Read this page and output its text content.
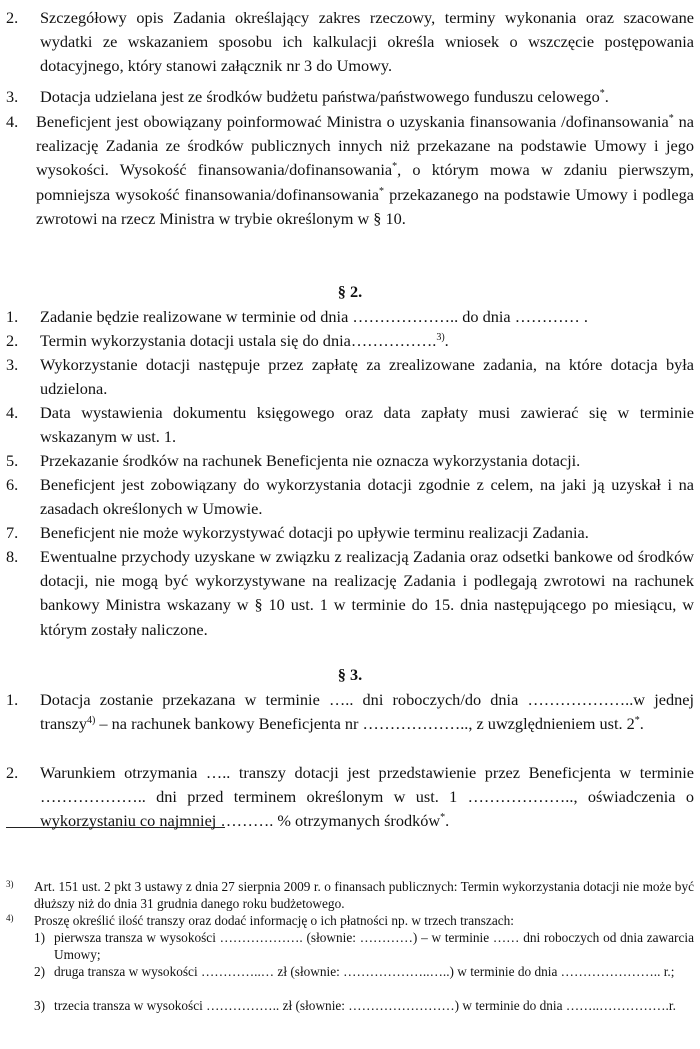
2. Szczegółowy opis Zadania określający zakres rzeczowy, terminy wykonania oraz szacowane wydatki ze wskazaniem sposobu ich kalkulacji określa wniosek o wszczęcie postępowania dotacyjnego, który stanowi załącznik nr 3 do Umowy.
3. Dotacja udzielana jest ze środków budżetu państwa/państwowego funduszu celowego*.
4. Beneficjent jest obowiązany poinformować Ministra o uzyskania finansowania /dofinansowania* na realizację Zadania ze środków publicznych innych niż przekazane na podstawie Umowy i jego wysokości. Wysokość finansowania/dofinansowania*, o którym mowa w zdaniu pierwszym, pomniejsza wysokość finansowania/dofinansowania* przekazanego na podstawie Umowy i podlega zwrotowi na rzecz Ministra w trybie określonym w § 10.
§ 2.
1. Zadanie będzie realizowane w terminie od dnia ……………….. do dnia ………… .
2. Termin wykorzystania dotacji ustala się do dnia…………….$^{3)}$.
3. Wykorzystanie dotacji następuje przez zapłatę za zrealizowane zadania, na które dotacja była udzielona.
4. Data wystawienia dokumentu księgowego oraz data zapłaty musi zawierać się w terminie wskazanym w ust. 1.
5. Przekazanie środków na rachunek Beneficjenta nie oznacza wykorzystania dotacji.
6. Beneficjent jest zobowiązany do wykorzystania dotacji zgodnie z celem, na jaki ją uzyskał i na zasadach określonych w Umowie.
7. Beneficjent nie może wykorzystywać dotacji po upływie terminu realizacji Zadania.
8. Ewentualne przychody uzyskane w związku z realizacją Zadania oraz odsetki bankowe od środków dotacji, nie mogą być wykorzystywane na realizację Zadania i podlegają zwrotowi na rachunek bankowy Ministra wskazany w § 10 ust. 1 w terminie do 15. dnia następującego po miesiącu, w którym zostały naliczone.
§ 3.
1. Dotacja zostanie przekazana w terminie ….. dni roboczych/do dnia ………………..w jednej transzy$^{4)}$ – na rachunek bankowy Beneficjenta nr ……………….., z uwzględnieniem ust. 2*.
2. Warunkiem otrzymania ….. transzy dotacji jest przedstawienie przez Beneficjenta w terminie ……………….. dni przed terminem określonym w ust. 1 ……………….., oświadczenia o wykorzystaniu co najmniej ………. % otrzymanych środków*.
3) Art. 151 ust. 2 pkt 3 ustawy z dnia 27 sierpnia 2009 r. o finansach publicznych: Termin wykorzystania dotacji nie może być dłuższy niż do dnia 31 grudnia danego roku budżetowego.
4) Proszę określić ilość transzy oraz dodać informację o ich płatności np. w trzech transzach:
1) pierwsza transza w wysokości ………………. (słownie: …………) – w terminie …… dni roboczych od dnia zawarcia Umowy;
2) druga transza w wysokości …………..… zł (słownie: ………………..…..) w terminie do dnia ………………….. r.;
3) trzecia transza w wysokości …………….. zł (słownie: ……………………) w terminie do dnia ……..…………….r.
